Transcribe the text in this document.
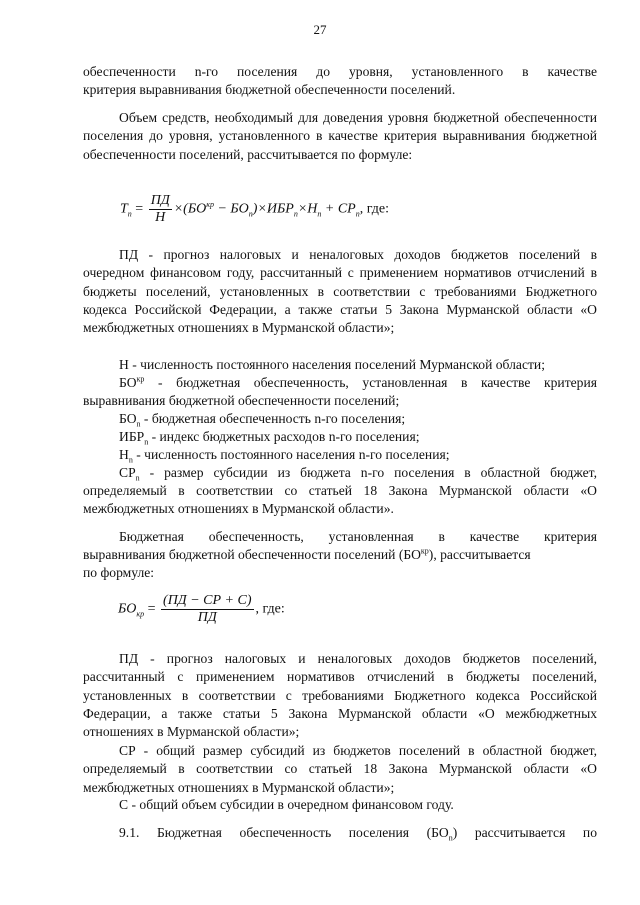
27
обеспеченности n-го поселения до уровня, установленного в качестве
критерия выравнивания бюджетной обеспеченности поселений.
Объем средств, необходимый для доведения уровня бюджетной обеспеченности поселения до уровня, установленного в качестве критерия выравнивания бюджетной обеспеченности поселений, рассчитывается по формуле:
$T_n = \frac{ПД}{H} \times(БО^{кр} - БО_n)\times ИБР_n\times H_n + СР_n$, где:
ПД - прогноз налоговых и неналоговых доходов бюджетов поселений в очередном финансовом году, рассчитанный с применением нормативов отчислений в бюджеты поселений, установленных в соответствии с требованиями Бюджетного кодекса Российской Федерации, а также статьи 5 Закона Мурманской области «О межбюджетных отношениях в Мурманской области»;
Н - численность постоянного населения поселений Мурманской области;
$БО^{кр}$ - бюджетная обеспеченность, установленная в качестве критерия
выравнивания бюджетной обеспеченности поселений;
$БО_n$ - бюджетная обеспеченность n-го поселения;
$ИБР_n$ - индекс бюджетных расходов n-го поселения;
$Н_n$ - численность постоянного населения n-го поселения;
$СР_n$ - размер субсидии из бюджета n-го поселения в областной бюджет,
определяемый в соответствии со статьей 18 Закона Мурманской области «О
межбюджетных отношениях в Мурманской области».
Бюджетная обеспеченность, установленная в качестве критерия
выравнивания бюджетной обеспеченности поселений $(БО^{кр})$, рассчитывается
по формуле:
$БО_{кр} = \frac{(ПД - СР + С)}{ПД}$ , где:
ПД - прогноз налоговых и неналоговых доходов бюджетов поселений, рассчитанный с применением нормативов отчислений в бюджеты поселений, установленных в соответствии с требованиями Бюджетного кодекса Российской Федерации, а также статьи 5 Закона Мурманской области «О межбюджетных отношениях в Мурманской области»;
СР - общий размер субсидий из бюджетов поселений в областной бюджет, определяемый в соответствии со статьей 18 Закона Мурманской области «О межбюджетных отношениях в Мурманской области»;
С - общий объем субсидии в очередном финансовом году.
9.1. Бюджетная обеспеченность поселения $(БО_n)$ рассчитывается по
